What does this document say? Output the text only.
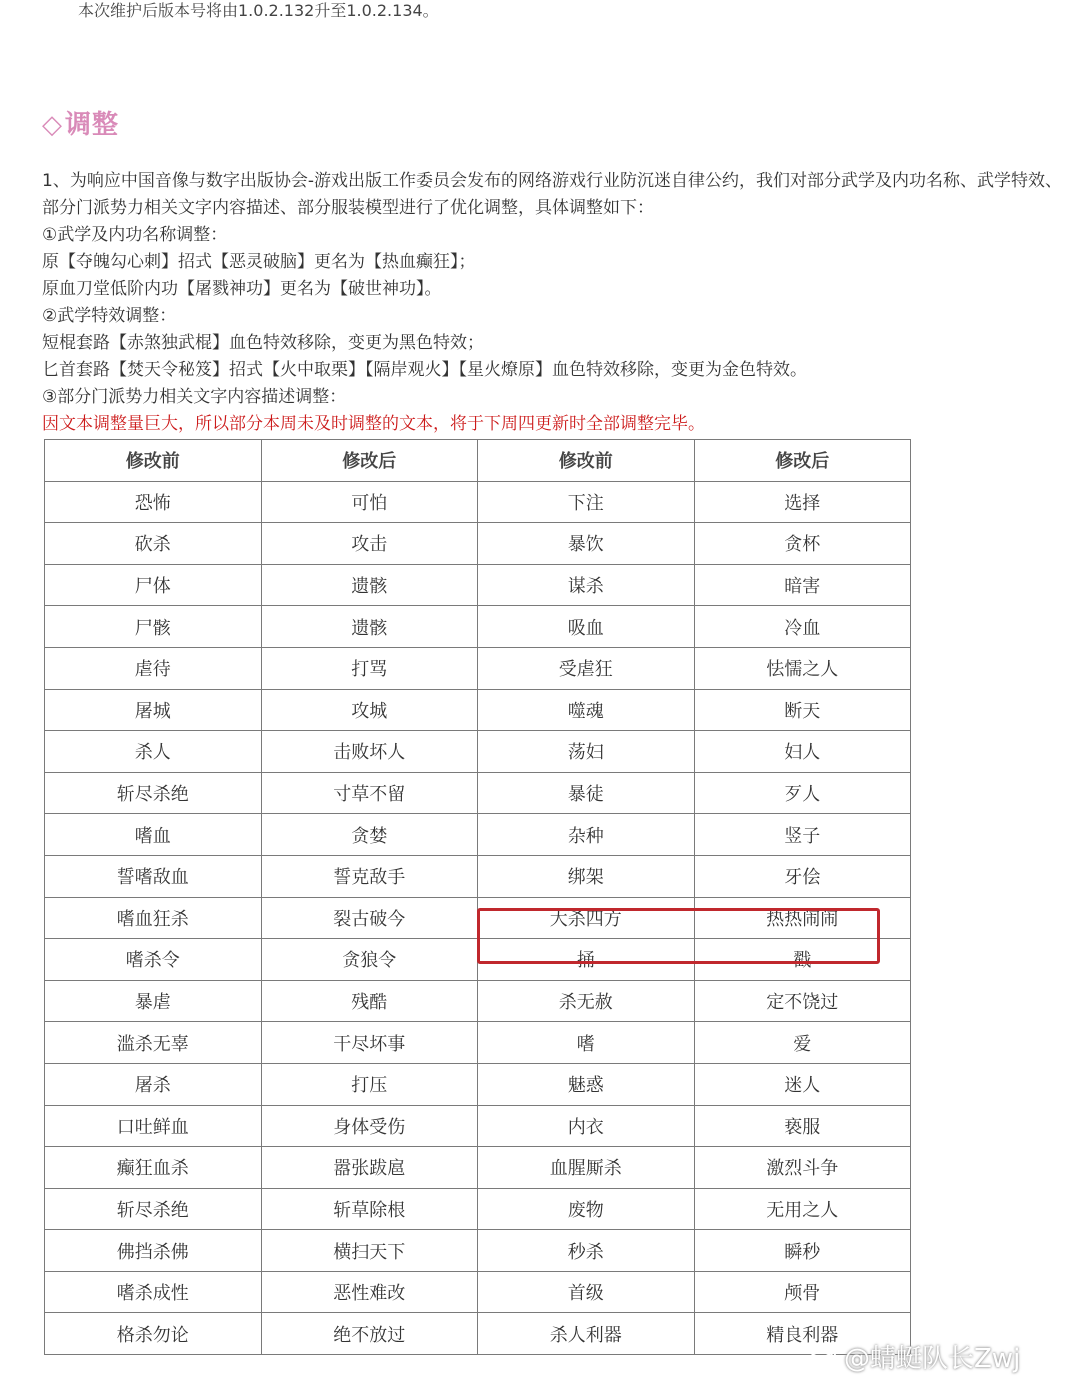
本次维护后版本号将由1.0.2.132升至1.0.2.134。
◇调整

1、为响应中国音像与数字出版协会-游戏出版工作委员会发布的网络游戏行业防沉迷自律公约，我们对部分武学及内功名称、武学特效、部分门派势力相关文字内容描述、部分服装模型进行了优化调整，具体调整如下：

①武学及内功名称调整：

原【夺魄勾心刺】招式【恶灵破脑】更名为【热血癫狂】；

原血刀堂低阶内功【屠戮神功】更名为【破世神功】。

②武学特效调整：

短棍套路【赤煞独武棍】血色特效移除，变更为黑色特效；

匕首套路【焚天令秘笈】招式【火中取栗】【隔岸观火】【星火燎原】血色特效移除，变更为金色特效。

③部分门派势力相关文字内容描述调整：

因文本调整量巨大，所以部分本周未及时调整的文本，将于下周四更新时全部调整完毕。

修改前	修改后	修改前	修改后
恐怖	可怕	下注	选择
砍杀	攻击	暴饮	贪杯
尸体	遗骸	谋杀	暗害
尸骸	遗骸	吸血	冷血
虐待	打骂	受虐狂	怯懦之人
屠城	攻城	噬魂	断天
杀人	击败坏人	荡妇	妇人
斩尽杀绝	寸草不留	暴徒	歹人
嗜血	贪婪	杂种	竖子
誓嗜敌血	誓克敌手	绑架	牙侩
嗜血狂杀	裂古破今	大杀四方	热热闹闹
嗜杀令	贪狼令	捅	戳
暴虐	残酷	杀无赦	定不饶过
滥杀无辜	干尽坏事	嗜	爱
屠杀	打压	魅惑	迷人
口吐鲜血	身体受伤	内衣	亵服
癫狂血杀	嚣张跋扈	血腥厮杀	激烈斗争
斩尽杀绝	斩草除根	废物	无用之人
佛挡杀佛	横扫天下	秒杀	瞬秒
嗜杀成性	恶性难改	首级	颅骨
格杀勿论	绝不放过	杀人利器	精良利器
@蜻蜓队长Zwj
